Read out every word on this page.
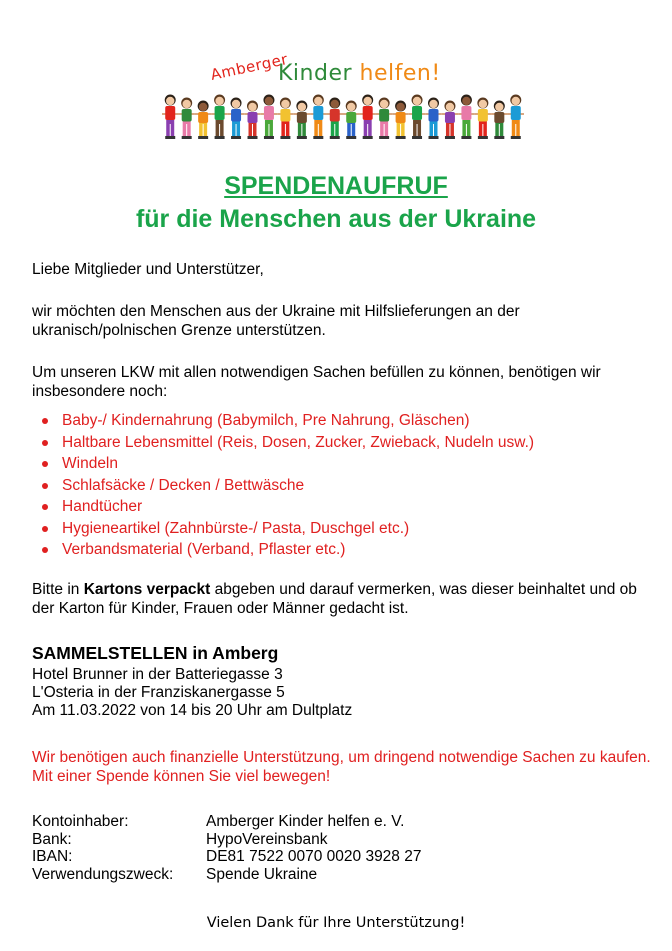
Amberger
Kinder helfen!
SPENDENAUFRUF
für die Menschen aus der Ukraine
Liebe Mitglieder und Unterstützer,
wir möchten den Menschen aus der Ukraine mit Hilfslieferungen an der ukranisch/polnischen Grenze unterstützen.
Um unseren LKW mit allen notwendigen Sachen befüllen zu können, benötigen wir insbesondere noch:
Baby-/ Kindernahrung (Babymilch, Pre Nahrung, Gläschen)
Haltbare Lebensmittel (Reis, Dosen, Zucker, Zwieback, Nudeln usw.)
Windeln
Schlafsäcke / Decken / Bettwäsche
Handtücher
Hygieneartikel (Zahnbürste-/ Pasta, Duschgel etc.)
Verbandsmaterial (Verband, Pflaster etc.)
Bitte in Kartons verpackt abgeben und darauf vermerken, was dieser beinhaltet und ob der Karton für Kinder, Frauen oder Männer gedacht ist.
SAMMELSTELLEN in Amberg
Hotel Brunner in der Batteriegasse 3
L'Osteria in der Franziskanergasse 5
Am 11.03.2022 von 14 bis 20 Uhr am Dultplatz
Wir benötigen auch finanzielle Unterstützung, um dringend notwendige Sachen zu kaufen. Mit einer Spende können Sie viel bewegen!
Kontoinhaber:	Amberger Kinder helfen e. V.
Bank:	HypoVereinsbank
IBAN:	DE81 7522 0070 0020 3928 27
Verwendungszweck:	Spende Ukraine
Vielen Dank für Ihre Unterstützung!
